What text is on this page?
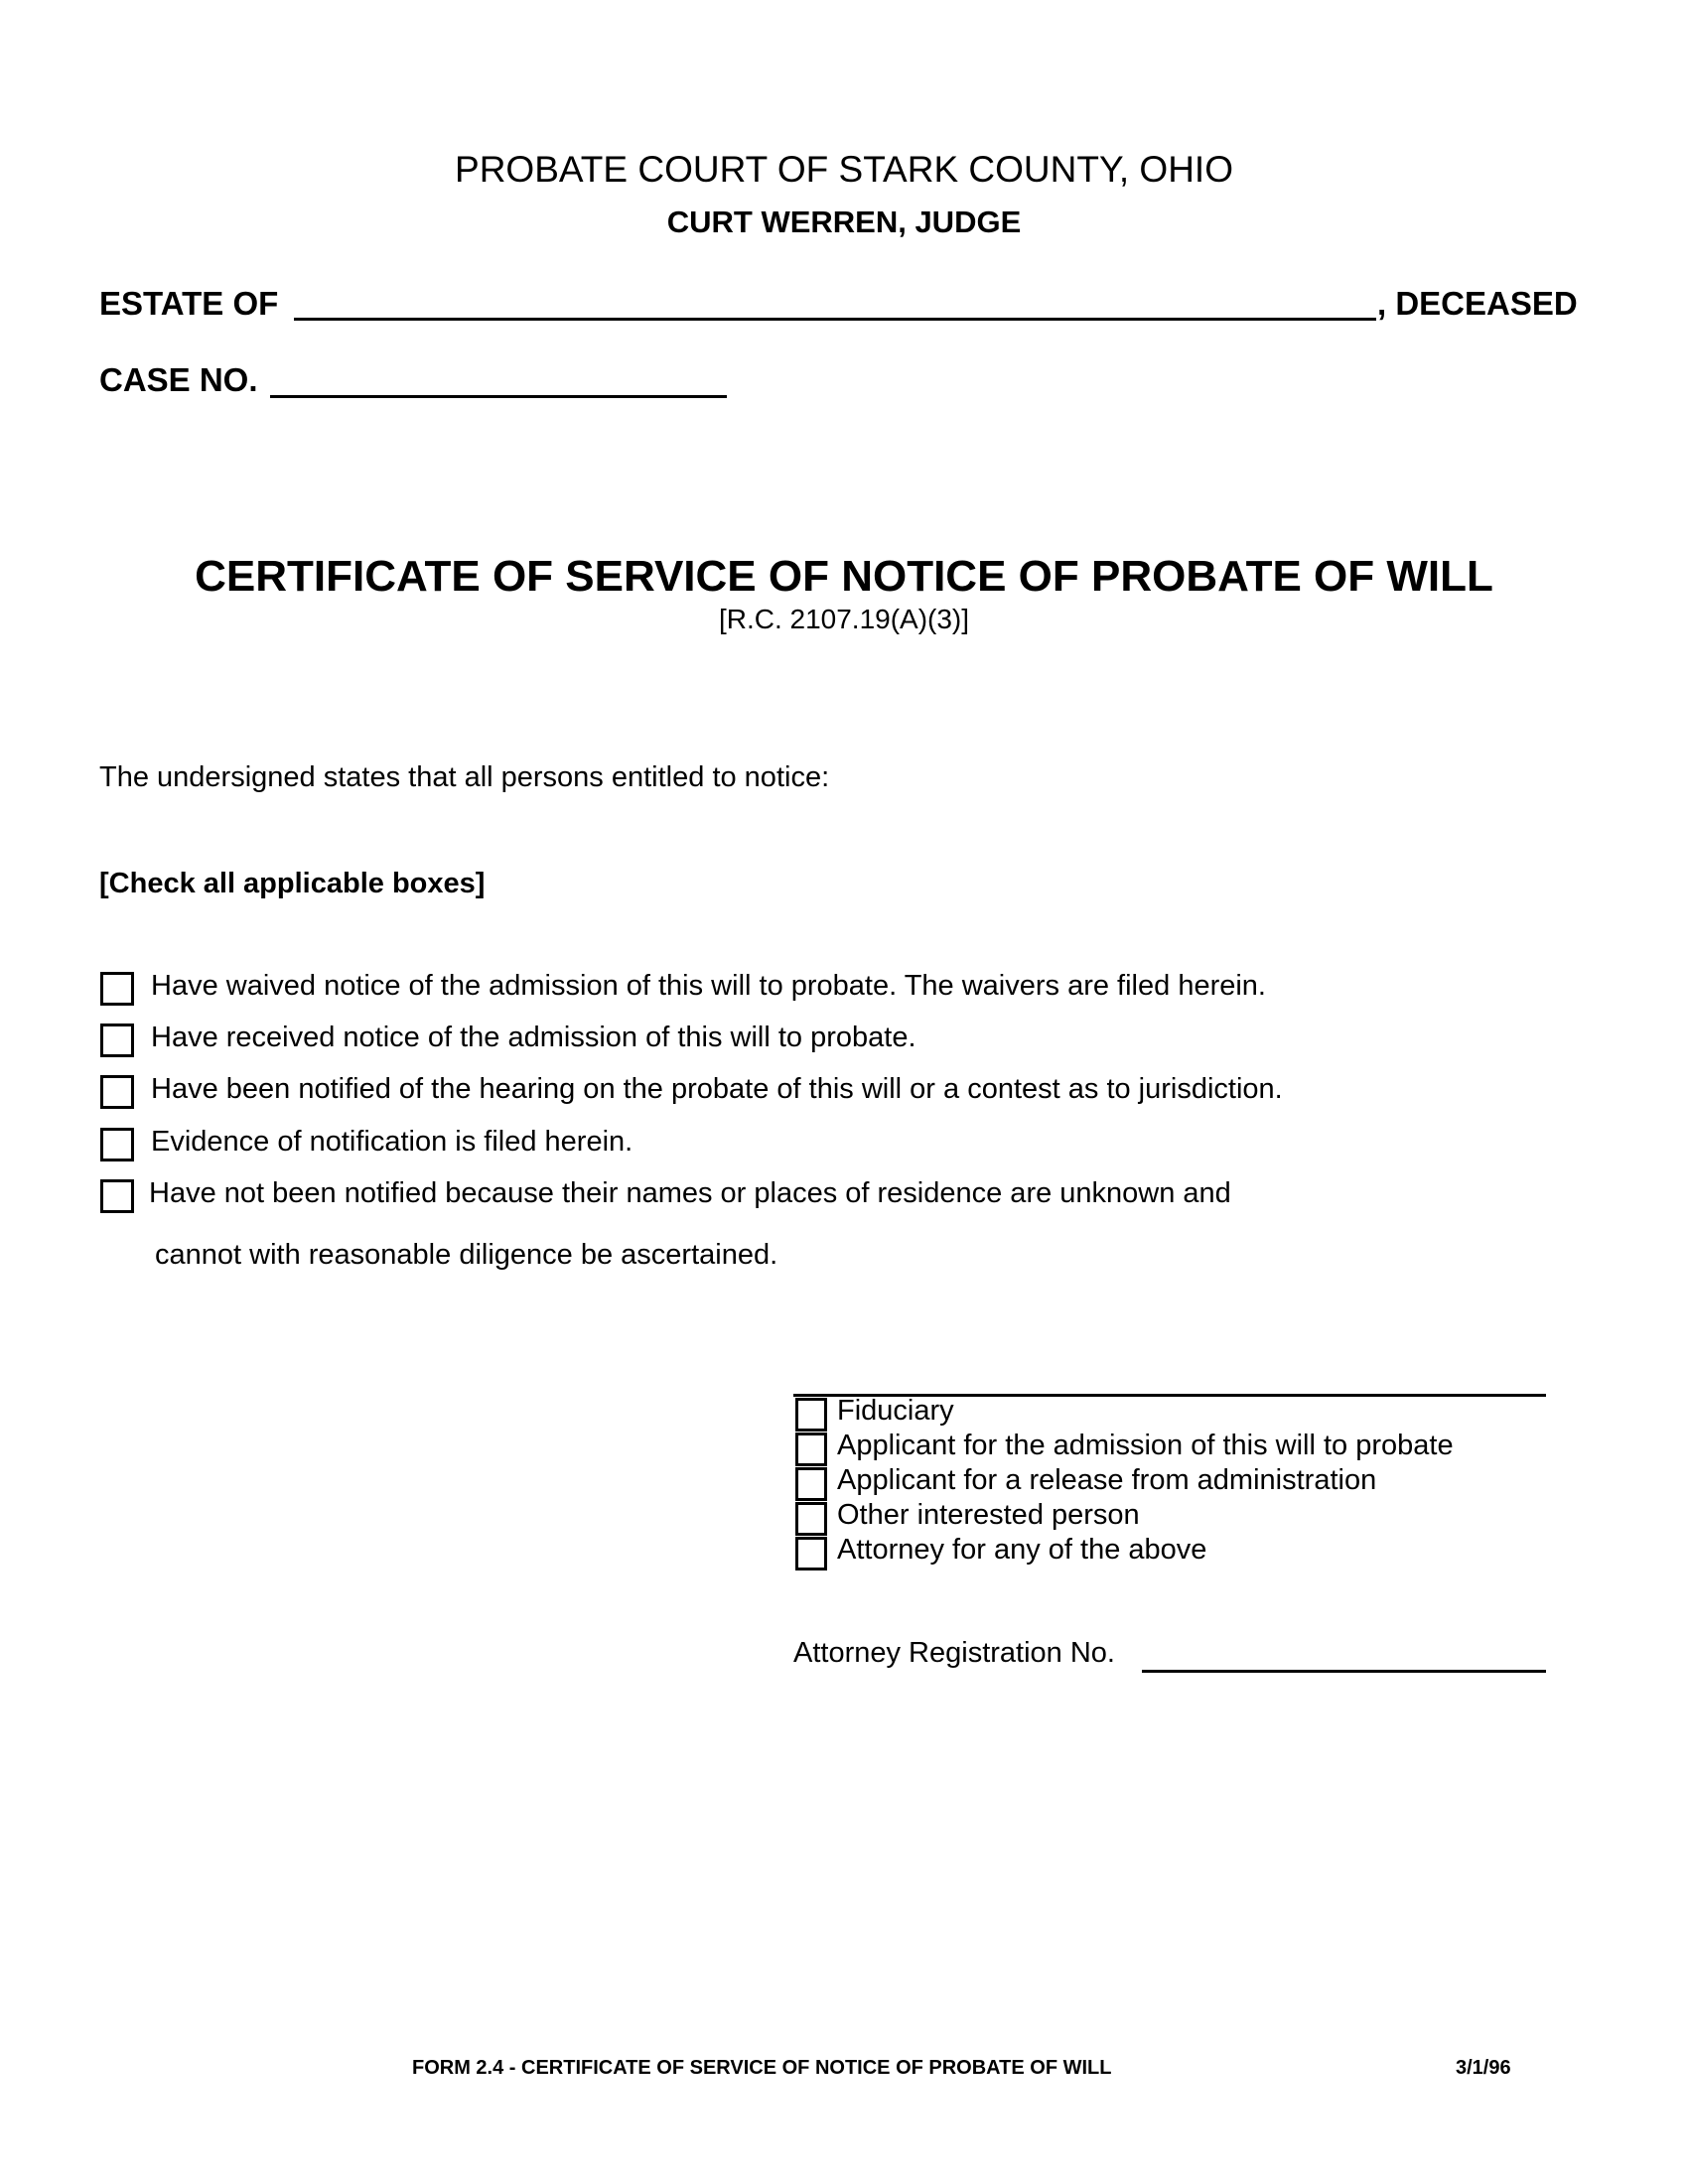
PROBATE COURT OF STARK COUNTY, OHIO
CURT WERREN, JUDGE
ESTATE OF	, DECEASED
CASE NO.
CERTIFICATE OF SERVICE OF NOTICE OF PROBATE OF WILL
[R.C. 2107.19(A)(3)]
The undersigned states that all persons entitled to notice:
[Check all applicable boxes]
Have waived notice of the admission of this will to probate. The waivers are filed herein.
Have received notice of the admission of this will to probate.
Have been notified of the hearing on the probate of this will or a contest as to jurisdiction.
Evidence of notification is filed herein.
Have not been notified because their names or places of residence are unknown and
cannot with reasonable diligence be ascertained.
Fiduciary
Applicant for the admission of this will to probate
Applicant for a release from administration
Other interested person
Attorney for any of the above
Attorney Registration No.
FORM 2.4 - CERTIFICATE OF SERVICE OF NOTICE OF PROBATE OF WILL	3/1/96
